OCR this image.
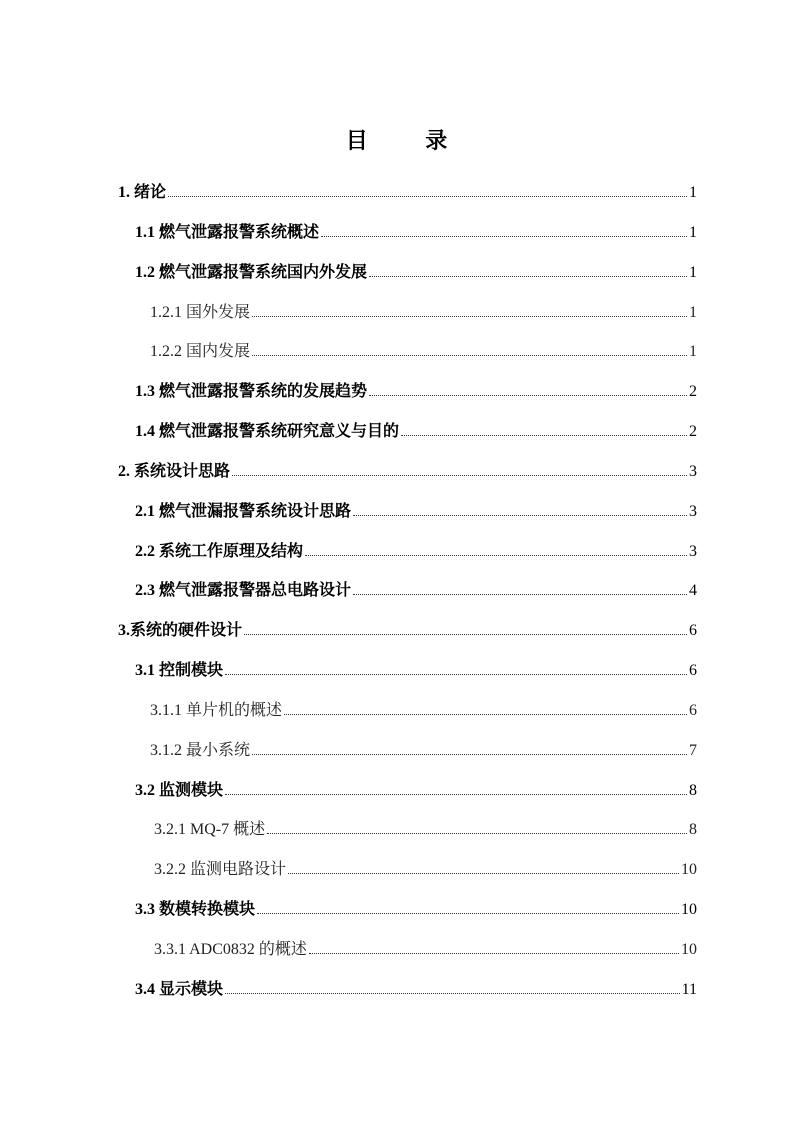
目 录
1. 绪论	1
1.1 燃气泄露报警系统概述	1
1.2 燃气泄露报警系统国内外发展	1
1.2.1 国外发展	1
1.2.2 国内发展	1
1.3 燃气泄露报警系统的发展趋势	2
1.4 燃气泄露报警系统研究意义与目的	2
2. 系统设计思路	3
2.1 燃气泄漏报警系统设计思路	3
2.2 系统工作原理及结构	3
2.3 燃气泄露报警器总电路设计	4
3.系统的硬件设计	6
3.1 控制模块	6
3.1.1 单片机的概述	6
3.1.2 最小系统	7
3.2 监测模块	8
3.2.1 MQ-7 概述	8
3.2.2 监测电路设计	10
3.3 数模转换模块	10
3.3.1 ADC0832 的概述	10
3.4 显示模块	11
